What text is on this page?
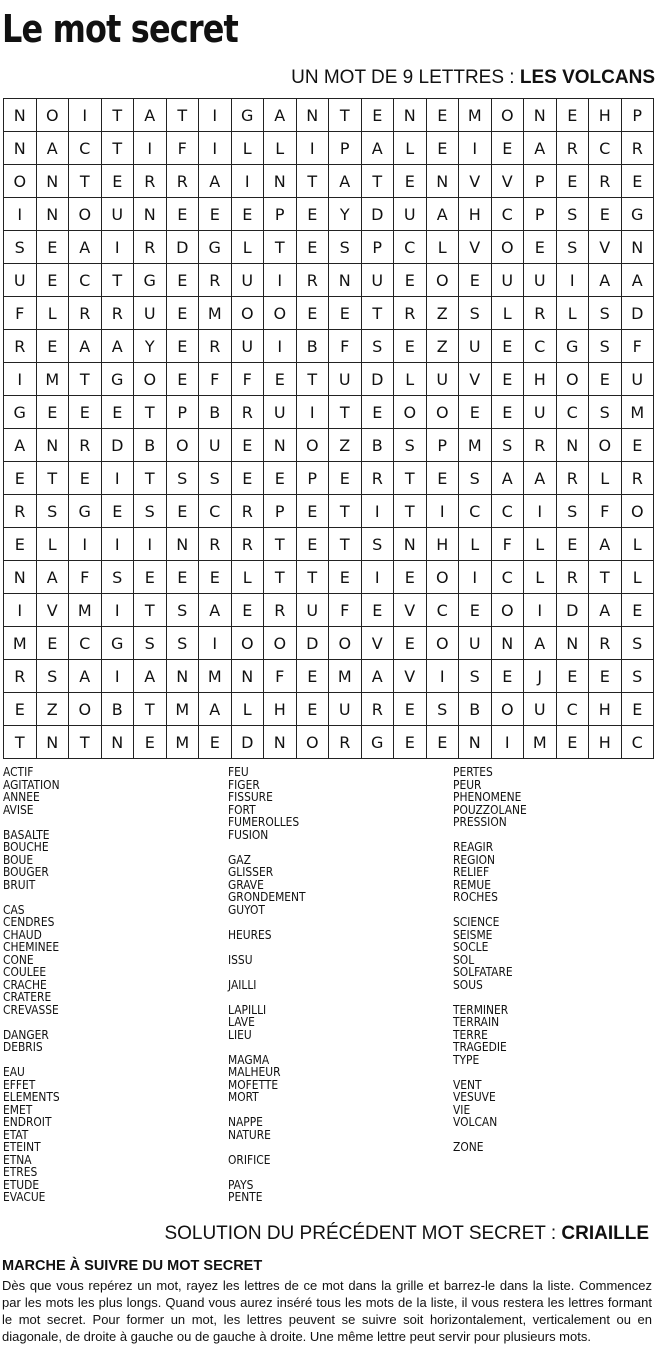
Le mot secret
UN MOT DE 9 LETTRES : LES VOLCANS
N	O	I	T	A	T	I	G	A	N	T	E	N	E	M	O	N	E	H	P
N	A	C	T	I	F	I	L	L	I	P	A	L	E	I	E	A	R	C	R
O	N	T	E	R	R	A	I	N	T	A	T	E	N	V	V	P	E	R	E
I	N	O	U	N	E	E	E	P	E	Y	D	U	A	H	C	P	S	E	G
S	E	A	I	R	D	G	L	T	E	S	P	C	L	V	O	E	S	V	N
U	E	C	T	G	E	R	U	I	R	N	U	E	O	E	U	U	I	A	A
F	L	R	R	U	E	M	O	O	E	E	T	R	Z	S	L	R	L	S	D
R	E	A	A	Y	E	R	U	I	B	F	S	E	Z	U	E	C	G	S	F
I	M	T	G	O	E	F	F	E	T	U	D	L	U	V	E	H	O	E	U
G	E	E	E	T	P	B	R	U	I	T	E	O	O	E	E	U	C	S	M
A	N	R	D	B	O	U	E	N	O	Z	B	S	P	M	S	R	N	O	E
E	T	E	I	T	S	S	E	E	P	E	R	T	E	S	A	A	R	L	R
R	S	G	E	S	E	C	R	P	E	T	I	T	I	C	C	I	S	F	O
E	L	I	I	I	N	R	R	T	E	T	S	N	H	L	F	L	E	A	L
N	A	F	S	E	E	E	L	T	T	E	I	E	O	I	C	L	R	T	L
I	V	M	I	T	S	A	E	R	U	F	E	V	C	E	O	I	D	A	E
M	E	C	G	S	S	I	O	O	D	O	V	E	O	U	N	A	N	R	S
R	S	A	I	A	N	M	N	F	E	M	A	V	I	S	E	J	E	E	S
E	Z	O	B	T	M	A	L	H	E	U	R	E	S	B	O	U	C	H	E
T	N	T	N	E	M	E	D	N	O	R	G	E	E	N	I	M	E	H	C
ACTIF
AGITATION
ANNEE
AVISE
BASALTE
BOUCHE
BOUE
BOUGER
BRUIT
CAS
CENDRES
CHAUD
CHEMINEE
CONE
COULEE
CRACHE
CRATERE
CREVASSE
DANGER
DEBRIS
EAU
EFFET
ELEMENTS
EMET
ENDROIT
ETAT
ETEINT
ETNA
ETRES
ETUDE
EVACUE
FEU
FIGER
FISSURE
FORT
FUMEROLLES
FUSION
GAZ
GLISSER
GRAVE
GRONDEMENT
GUYOT
HEURES
ISSU
JAILLI
LAPILLI
LAVE
LIEU
MAGMA
MALHEUR
MOFETTE
MORT
NAPPE
NATURE
ORIFICE
PAYS
PENTE
PERTES
PEUR
PHENOMENE
POUZZOLANE
PRESSION
REAGIR
REGION
RELIEF
REMUE
ROCHES
SCIENCE
SEISME
SOCLE
SOL
SOLFATARE
SOUS
TERMINER
TERRAIN
TERRE
TRAGEDIE
TYPE
VENT
VESUVE
VIE
VOLCAN
ZONE
SOLUTION DU PRÉCÉDENT MOT SECRET : CRIAILLE
MARCHE À SUIVRE DU MOT SECRET
Dès que vous repérez un mot, rayez les lettres de ce mot dans la grille et barrez-le dans la liste. Commencez par les mots les plus longs. Quand vous aurez inséré tous les mots de la liste, il vous restera les lettres formant le mot secret. Pour former un mot, les lettres peuvent se suivre soit horizontalement, verticalement ou en diagonale, de droite à gauche ou de gauche à droite. Une même lettre peut servir pour plusieurs mots.
